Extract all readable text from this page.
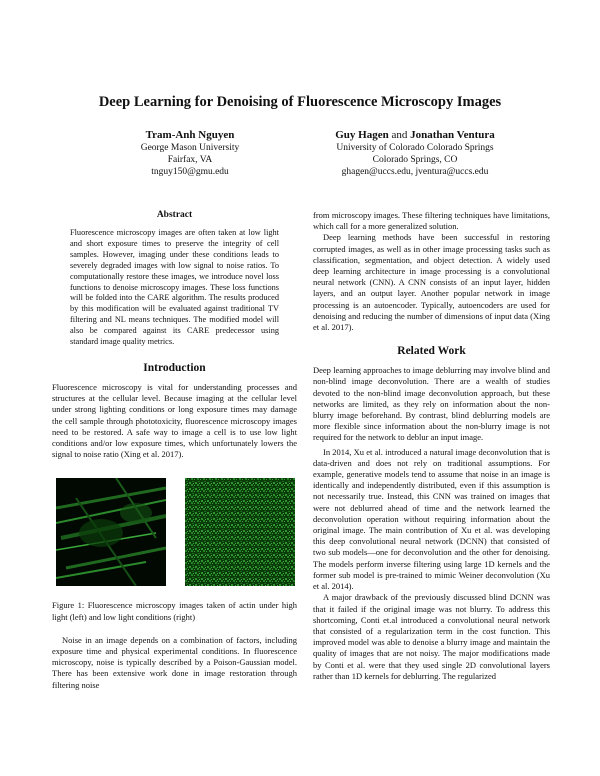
Deep Learning for Denoising of Fluorescence Microscopy Images
Tram-Anh Nguyen
George Mason University
Fairfax, VA
tnguy150@gmu.edu
Guy Hagen and Jonathan Ventura
University of Colorado Colorado Springs
Colorado Springs, CO
ghagen@uccs.edu, jventura@uccs.edu
Abstract

Fluorescence microscopy images are often taken at low light and short exposure times to preserve the integrity of cell samples. However, imaging under these conditions leads to severely degraded images with low signal to noise ratios. To computationally restore these images, we introduce novel loss functions to denoise microscopy images. These loss functions will be folded into the CARE algorithm. The results produced by this modification will be evaluated against traditional TV filtering and NL means techniques. The modified model will also be compared against its CARE predecessor using standard image quality metrics.

Introduction

Fluorescence microscopy is vital for understanding processes and structures at the cellular level. Because imaging at the cellular level under strong lighting conditions or long exposure times may damage the cell sample through phototoxicity, fluorescence microscopy images need to be restored. A safe way to image a cell is to use low light conditions and/or low exposure times, which unfortunately lowers the signal to noise ratio (Xing et al. 2017).

Figure 1: Fluorescence microscopy images taken of actin under high light (left) and low light conditions (right)

Noise in an image depends on a combination of factors, including exposure time and physical experimental conditions. In fluorescence microscopy, noise is typically described by a Poison-Gaussian model. There has been extensive work done in image restoration through filtering noise

from microscopy images. These filtering techniques have limitations, which call for a more generalized solution.

Deep learning methods have been successful in restoring corrupted images, as well as in other image processing tasks such as classification, segmentation, and object detection. A widely used deep learning architecture in image processing is a convolutional neural network (CNN). A CNN consists of an input layer, hidden layers, and an output layer. Another popular network in image processing is an autoencoder. Typically, autoencoders are used for denoising and reducing the number of dimensions of input data (Xing et al. 2017).

Related Work

Deep learning approaches to image deblurring may involve blind and non-blind image deconvolution. There are a wealth of studies devoted to the non-blind image deconvolution approach, but these networks are limited, as they rely on information about the non-blurry image beforehand. By contrast, blind deblurring models are more flexible since information about the non-blurry image is not required for the network to deblur an input image.

In 2014, Xu et al. introduced a natural image deconvolution that is data-driven and does not rely on traditional assumptions. For example, generative models tend to assume that noise in an image is identically and independently distributed, even if this assumption is not necessarily true. Instead, this CNN was trained on images that were not deblurred ahead of time and the network learned the deconvolution operation without requiring information about the original image. The main contribution of Xu et al. was developing this deep convolutional neural network (DCNN) that consisted of two sub models—one for deconvolution and the other for denoising. The models perform inverse filtering using large 1D kernels and the former sub model is pre-trained to mimic Weiner deconvolution (Xu et al. 2014).

A major drawback of the previously discussed blind DCNN was that it failed if the original image was not blurry. To address this shortcoming, Conti et.al introduced a convolutional neural network that consisted of a regularization term in the cost function. This improved model was able to denoise a blurry image and maintain the quality of images that are not noisy. The major modifications made by Conti et al. were that they used single 2D convolutional layers rather than 1D kernels for deblurring. The regularized
